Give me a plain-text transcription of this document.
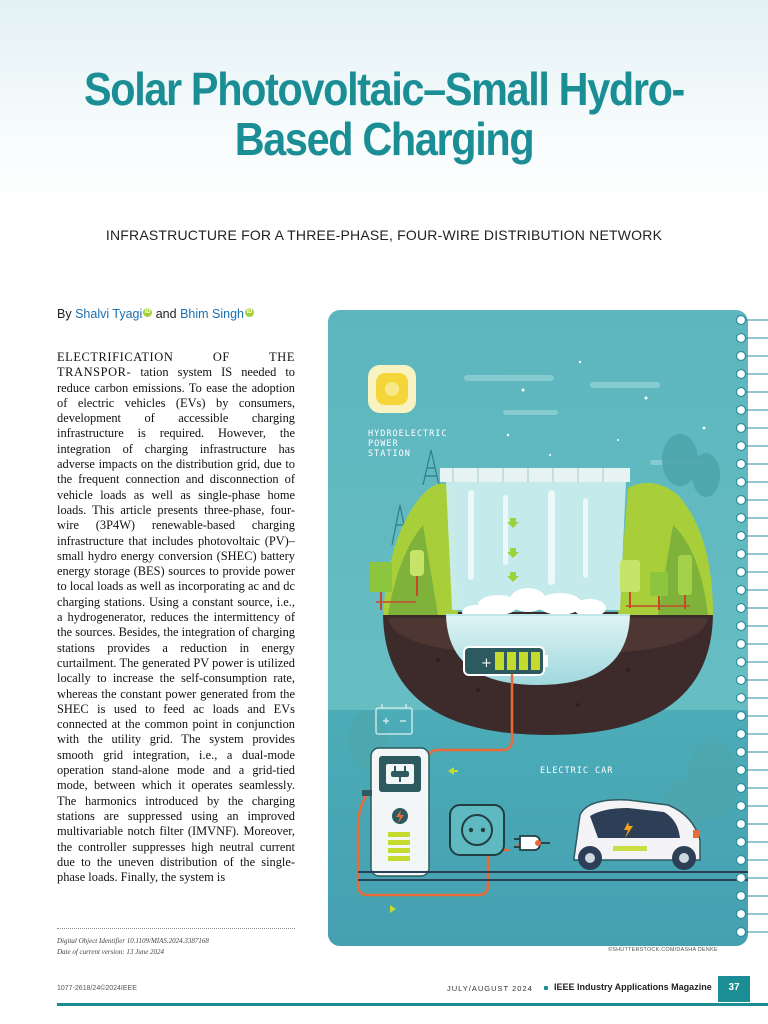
Solar Photovoltaic–Small Hydro-Based Charging
INFRASTRUCTURE FOR A THREE-PHASE, FOUR-WIRE DISTRIBUTION NETWORK
By Shalvi Tyagi iD and Bhim Singh iD

ELECTRIFICATION OF THE TRANSPOR- tation system IS needed to reduce carbon emissions. To ease the adoption of electric vehicles (EVs) by consumers, development of accessible charging infrastructure is required. However, the integration of charging infrastructure has adverse impacts on the distribution grid, due to the frequent connection and disconnection of vehicle loads as well as single-phase home loads. This article presents three-phase, four-wire (3P4W) renewable-based charging infrastructure that includes photovoltaic (PV)–small hydro energy conversion (SHEC) battery energy storage (BES) sources to provide power to local loads as well as incorporating ac and dc charging stations. Using a constant source, i.e., a hydrogenerator, reduces the intermittency of the sources. Besides, the integration of charging stations provides a reduction in energy curtailment. The generated PV power is utilized locally to increase the self-consumption rate, whereas the constant power generated from the SHEC is used to feed ac loads and EVs connected at the common point in conjunction with the utility grid. The system provides smooth grid integration, i.e., a dual-mode operation stand-alone mode and a grid-tied mode, between which it operates seamlessly. The harmonics introduced by the charging stations are suppressed using an improved multivariable notch filter (IMVNF). Moreover, the controller suppresses high neutral current due to the uneven distribution of the single-phase loads. Finally, the system is

Digital Object Identifier 10.1109/MIAS.2024.3387168
Date of current version: 13 June 2024
HYDROELECTRIC
POWER
STATION
+
ELECTRIC CAR
©SHUTTERSTOCK.COM/DASHA DENKE
1077-2618/24©2024IEEE	JULY/AUGUST 2024 IEEE Industry Applications Magazine	37
